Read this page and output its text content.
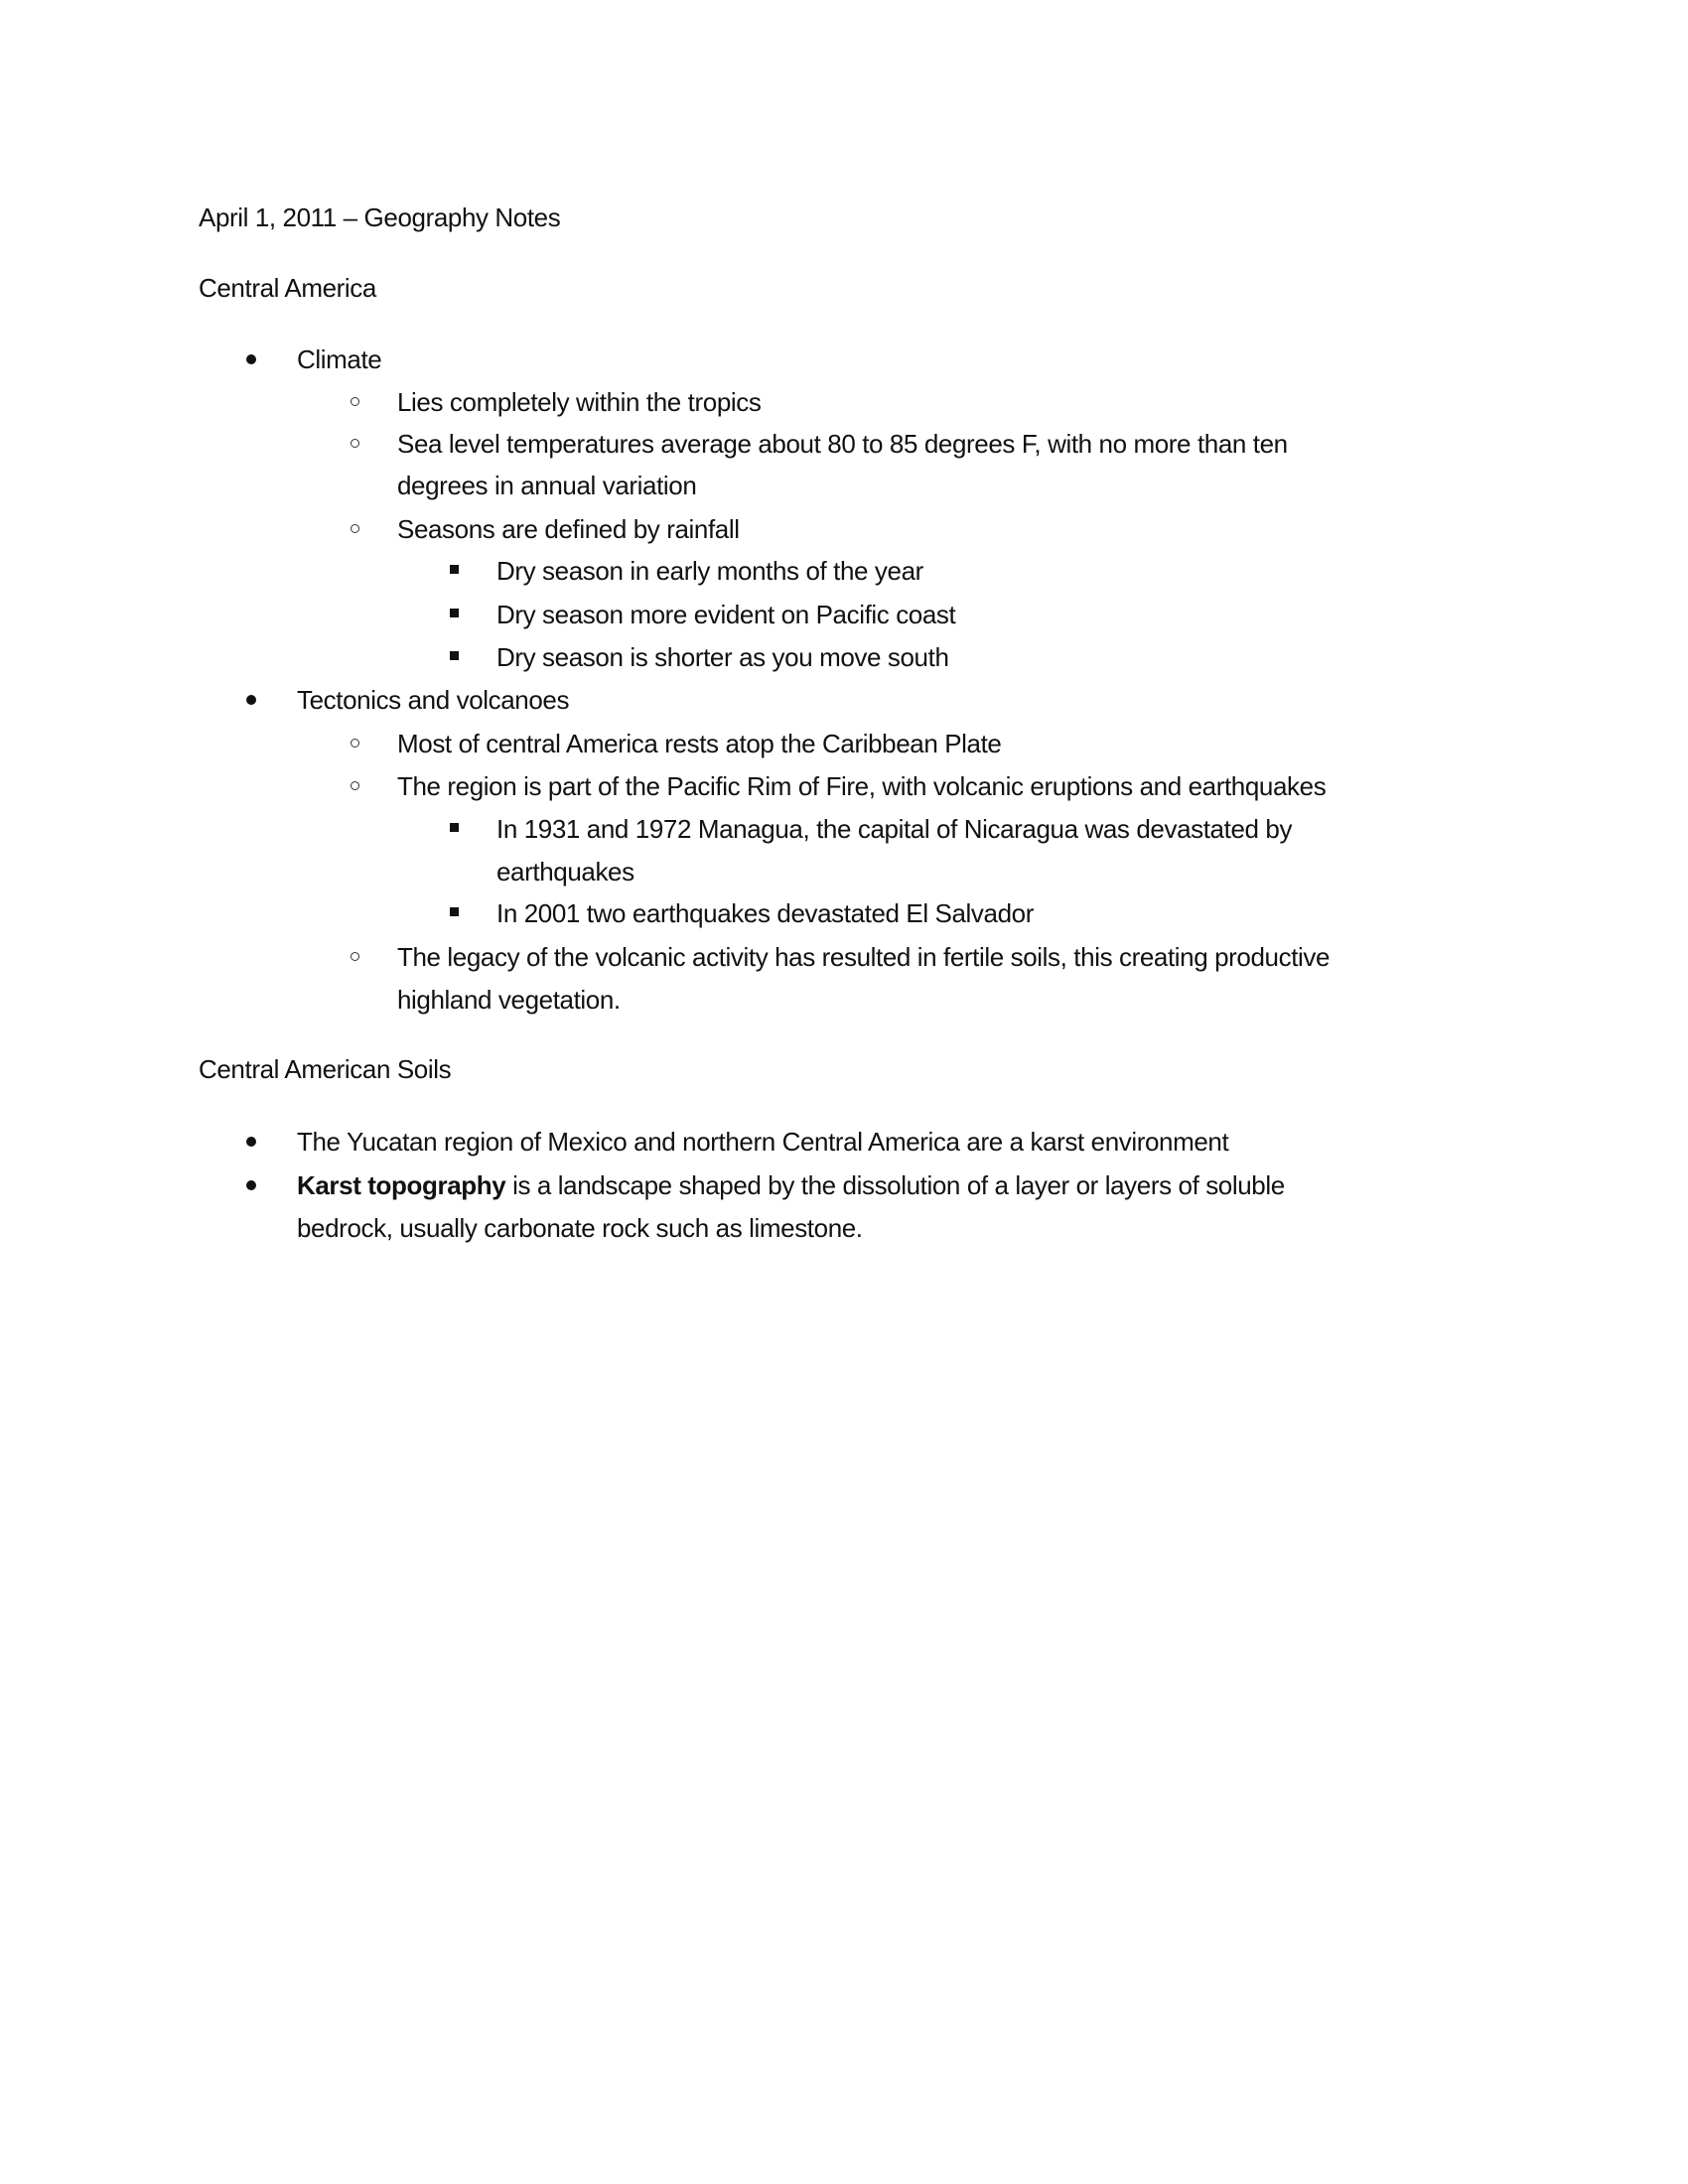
April 1, 2011 – Geography Notes
Central America
Climate
Lies completely within the tropics
Sea level temperatures average about 80 to 85 degrees F, with no more than ten
degrees in annual variation
Seasons are defined by rainfall
Dry season in early months of the year
Dry season more evident on Pacific coast
Dry season is shorter as you move south
Tectonics and volcanoes
Most of central America rests atop the Caribbean Plate
The region is part of the Pacific Rim of Fire, with volcanic eruptions and earthquakes
In 1931 and 1972 Managua, the capital of Nicaragua was devastated by
earthquakes
In 2001 two earthquakes devastated El Salvador
The legacy of the volcanic activity has resulted in fertile soils, this creating productive
highland vegetation.
Central American Soils
The Yucatan region of Mexico and northern Central America are a karst environment
Karst topography is a landscape shaped by the dissolution of a layer or layers of soluble
bedrock, usually carbonate rock such as limestone.
